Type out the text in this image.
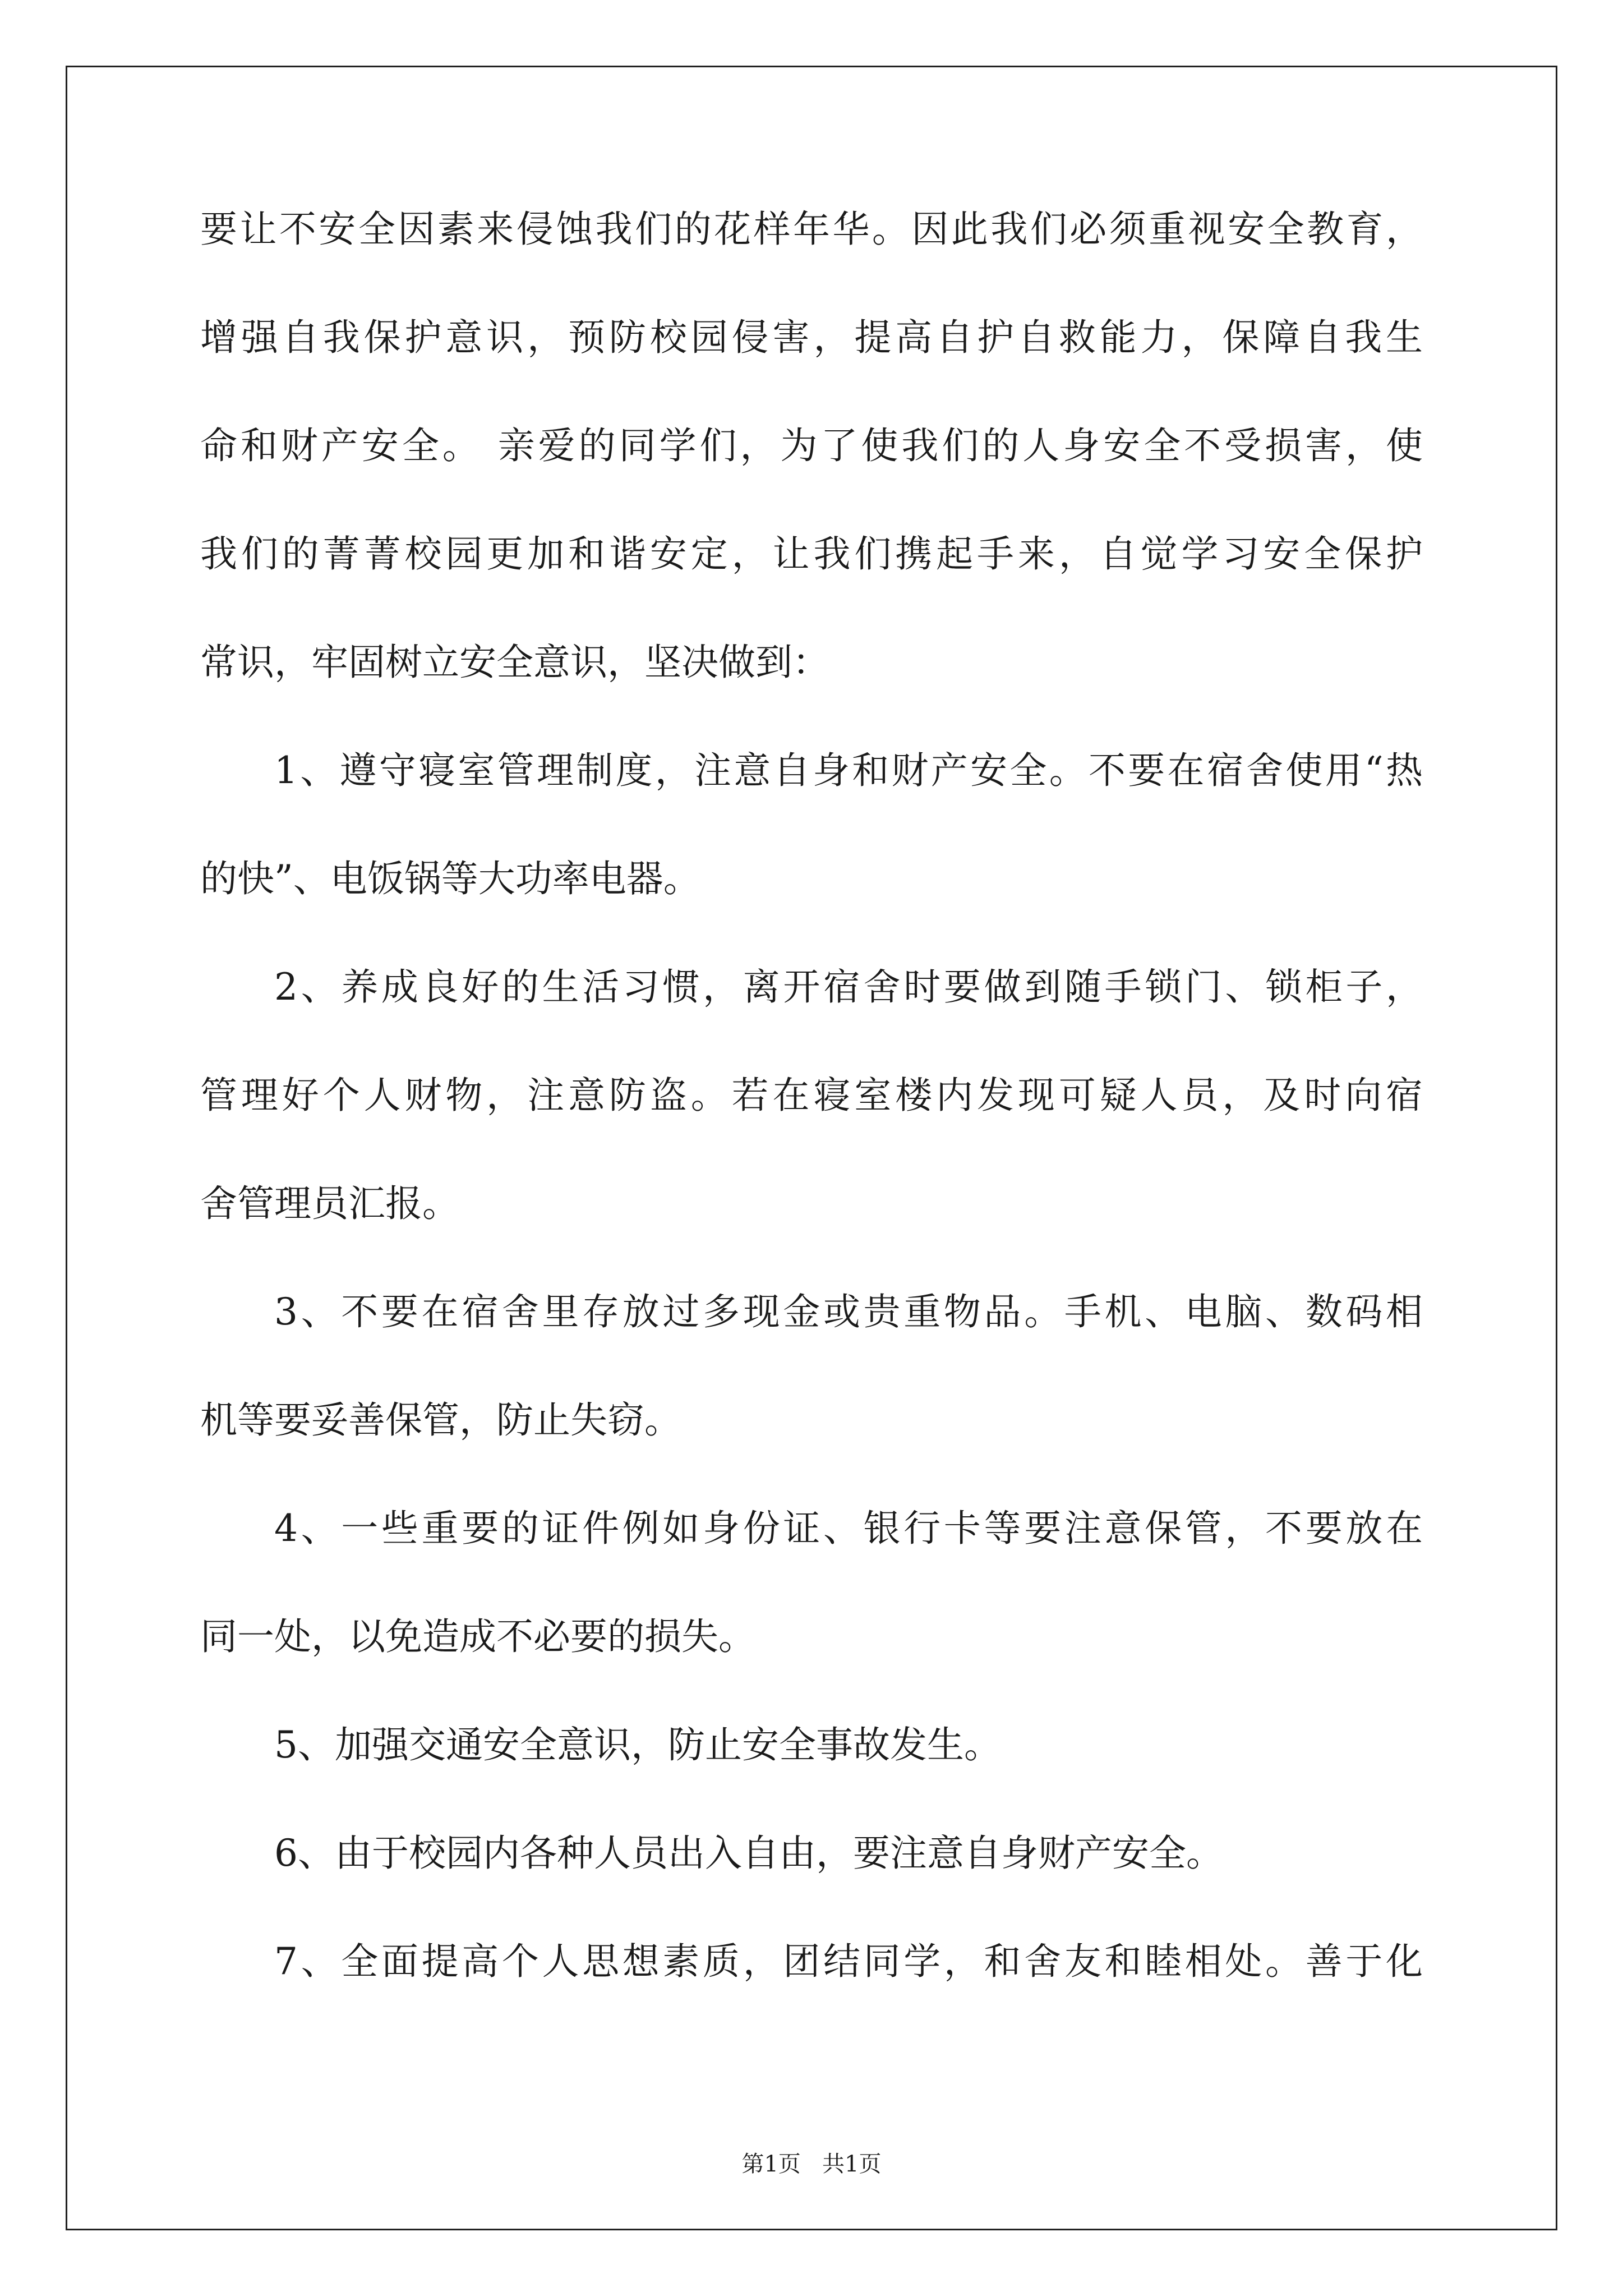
要让不安全因素来侵蚀我们的花样年华。因此我们必须重视安全教育，
增强自我保护意识，预防校园侵害，提高自护自救能力，保障自我生
命和财产安全。 亲爱的同学们，为了使我们的人身安全不受损害，使
我们的菁菁校园更加和谐安定，让我们携起手来，自觉学习安全保护
常识，牢固树立安全意识，坚决做到：
1、遵守寝室管理制度，注意自身和财产安全。不要在宿舍使用“热
的快”、电饭锅等大功率电器。
2、养成良好的生活习惯，离开宿舍时要做到随手锁门、锁柜子，
管理好个人财物，注意防盗。若在寝室楼内发现可疑人员，及时向宿
舍管理员汇报。
3、不要在宿舍里存放过多现金或贵重物品。手机、电脑、数码相
机等要妥善保管，防止失窃。
4、一些重要的证件例如身份证、银行卡等要注意保管，不要放在
同一处，以免造成不必要的损失。
5、加强交通安全意识，防止安全事故发生。
6、由于校园内各种人员出入自由，要注意自身财产安全。
7、全面提高个人思想素质，团结同学，和舍友和睦相处。善于化
第1页   共1页
